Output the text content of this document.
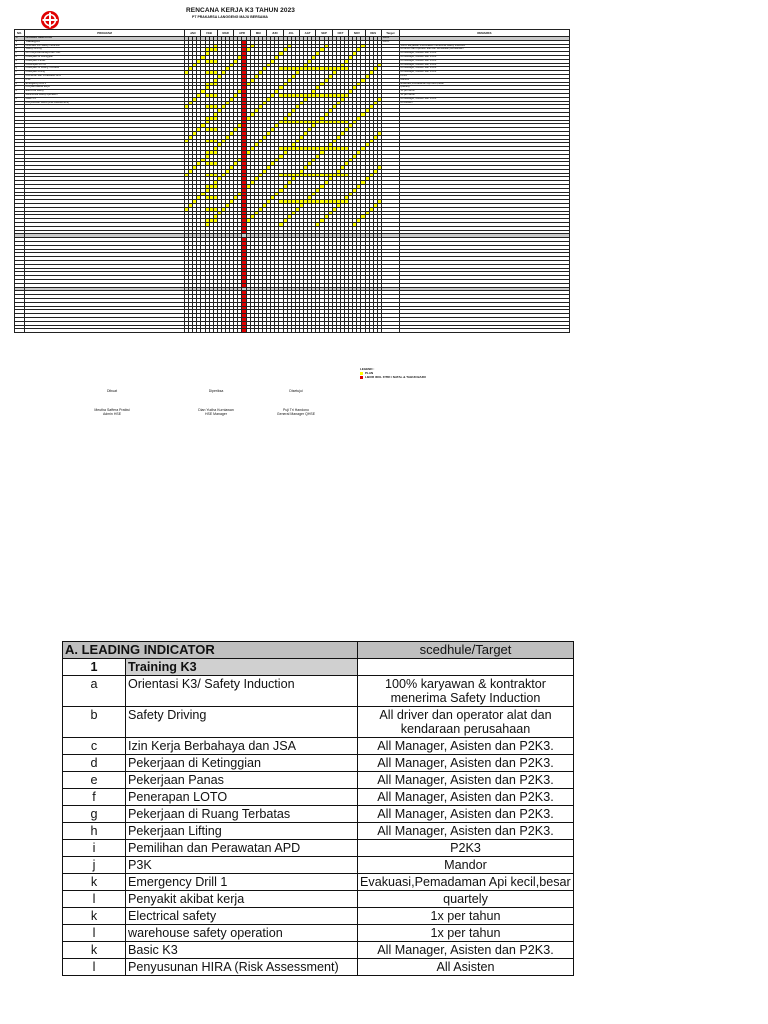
RENCANA KERJA K3 TAHUN 2023
PT PRAKARSA LANGGENG MAJU BERSAMA
NO.	PROGRAM	JAN				FEB				MAR				APR				MEI				JUN				JUL				AGT				SEP				OKT				NOV				DES				Target	REMARKS
A	LEADING INDICATOR																																																	100%	
1	Training K3																																																	100%	
a	Orientasi K3/ Safety Induction																																																		100% karyawan & kontraktor menerima Safety Induction
b	Safety Driving																																																		All driver dan operator alat dan kendaraan perusahaan
c	Izin Kerja Berbahaya dan JSA																																																		All Manager, Asisten dan P2K3.
d	Pekerjaan di Ketinggian																																																		All Manager, Asisten dan P2K3.
e	Pekerjaan Panas																																																		All Manager, Asisten dan P2K3.
f	Penerapan LOTO																																																		All Manager, Asisten dan P2K3.
g	Pekerjaan di Ruang Terbatas																																																		All Manager, Asisten dan P2K3.
h	Pekerjaan Lifting																																																		All Manager, Asisten dan P2K3.
i	Pemilihan dan Perawatan APD																																																		P2K3
j	P3K																																																		Mandor
k	Emergency Drill 1																																																		Evakuasi,Pemadaman Api kecil,besar
l	Penyakit akibat kerja																																																		quartely
k	Electrical safety																																																		1x per tahun
l	warehouse safety operation																																																		1x per tahun
k	Basic K3																																																		All Manager, Asisten dan P2K3.
l	Penyusunan HIRA (Risk Assessment)																																																		All Asisten

LEGEND :
PLAN
LIBUR IDUL FITRI / NATAL & TAHUN BARU
Dibuat
Meutha Saffera Pratiwi
Admin HSE
Diperiksa
Dian Yudha Kurniawan
HSE Manager
Disetujui
Puji Tri Handono
General Manager QHSE
A. LEADING INDICATOR		scedhule/Target
1	Training K3	
a	Orientasi K3/ Safety Induction	100% karyawan & kontraktor menerima Safety Induction
b	Safety Driving	All driver dan operator alat dan kendaraan perusahaan
c	Izin Kerja Berbahaya dan JSA	All Manager, Asisten dan P2K3.
d	Pekerjaan di Ketinggian	All Manager, Asisten dan P2K3.
e	Pekerjaan Panas	All Manager, Asisten dan P2K3.
f	Penerapan LOTO	All Manager, Asisten dan P2K3.
g	Pekerjaan di Ruang Terbatas	All Manager, Asisten dan P2K3.
h	Pekerjaan Lifting	All Manager, Asisten dan P2K3.
i	Pemilihan dan Perawatan APD	P2K3
j	P3K	Mandor
k	Emergency Drill 1	Evakuasi,Pemadaman Api kecil,besar
l	Penyakit akibat kerja	quartely
k	Electrical safety	1x per tahun
l	warehouse safety operation	1x per tahun
k	Basic K3	All Manager, Asisten dan P2K3.
l	Penyusunan HIRA (Risk Assessment)	All Asisten
